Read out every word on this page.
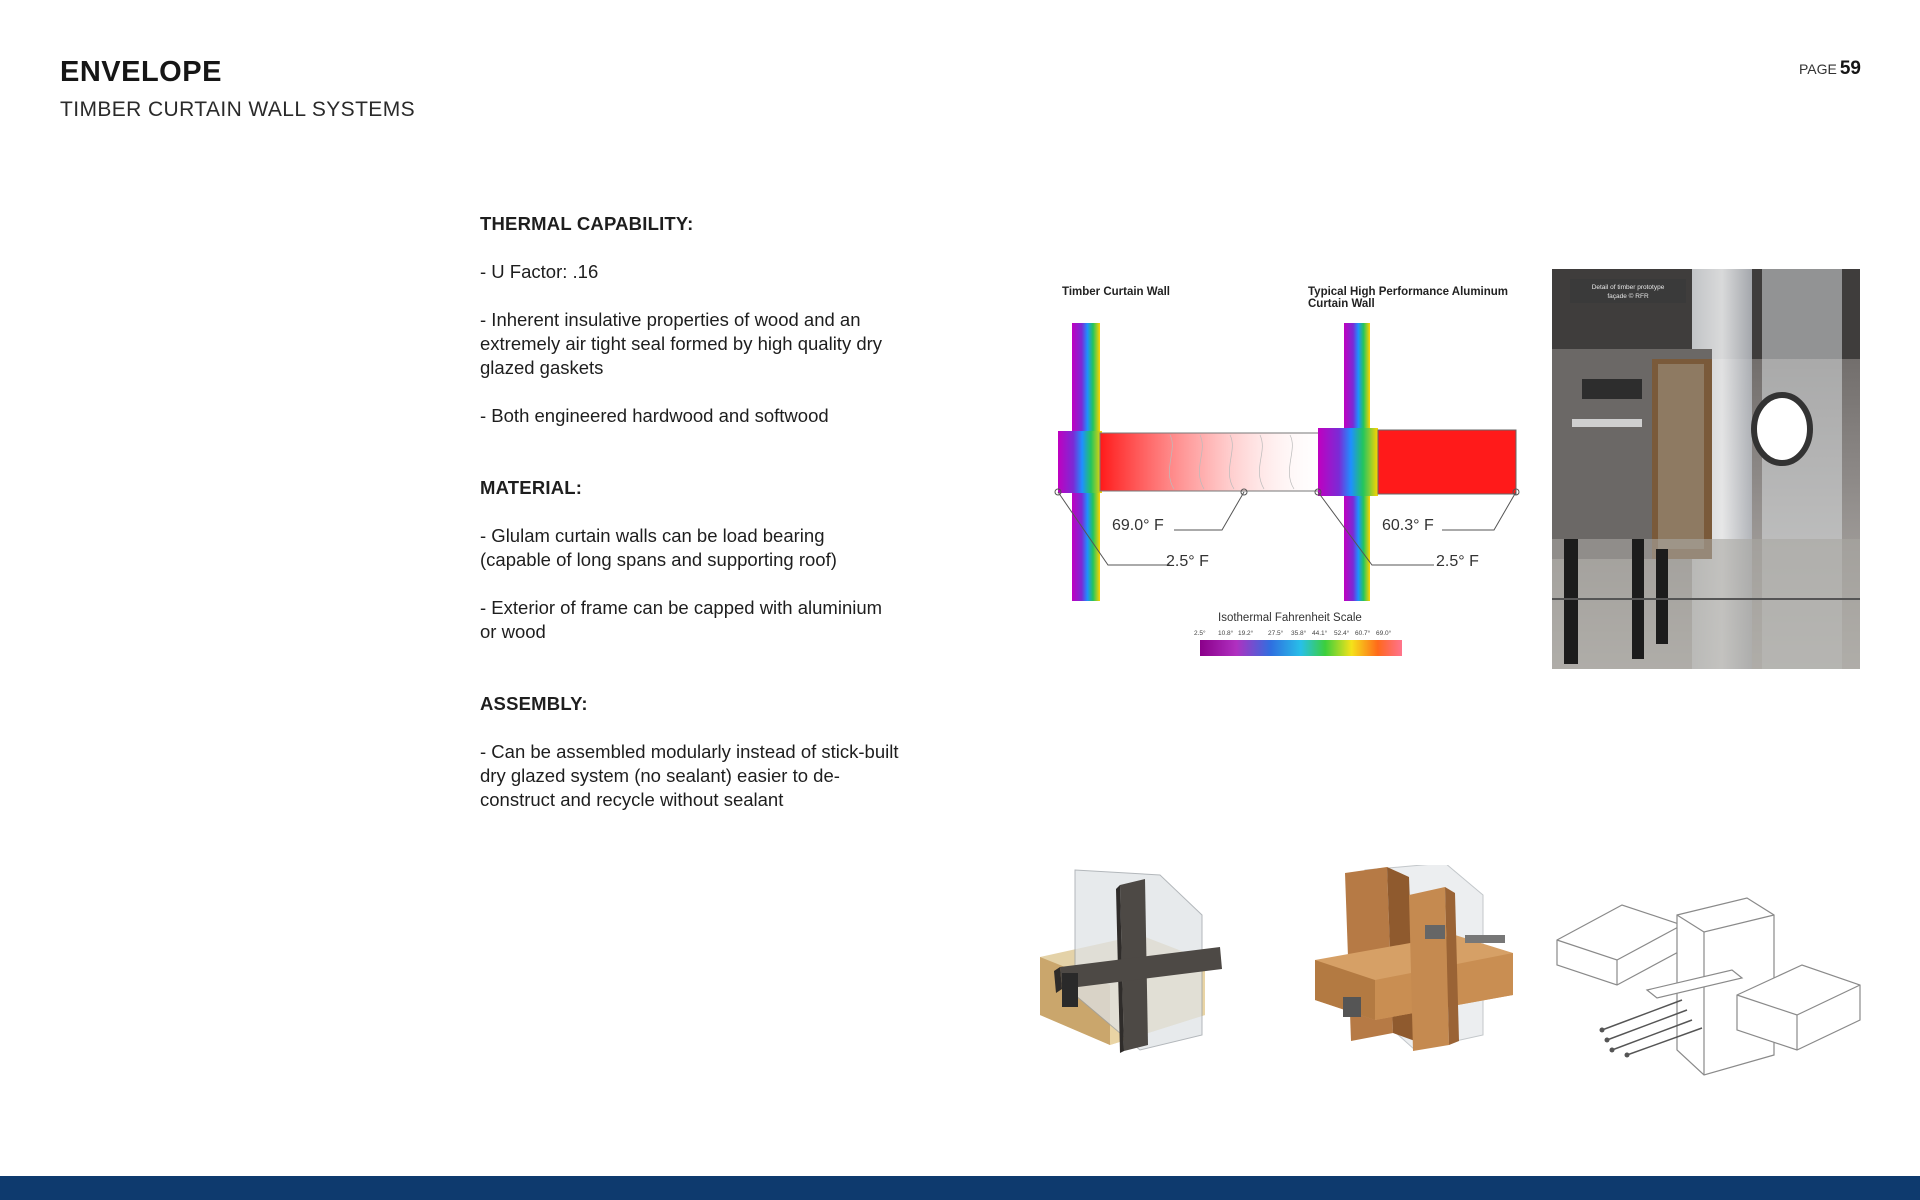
ENVELOPE
TIMBER CURTAIN WALL SYSTEMS
PAGE 59
THERMAL CAPABILITY:

- U Factor: .16

- Inherent insulative properties of wood and an extremely air tight seal formed by high quality dry glazed gaskets

- Both engineered hardwood and softwood

MATERIAL:

- Glulam curtain walls can be load bearing (capable of long spans and supporting roof)

- Exterior of frame can be capped with aluminium or wood

ASSEMBLY:

- Can be assembled modularly instead of stick-built dry glazed system (no sealant) easier to de-construct and recycle without sealant

Timber Curtain Wall
69.0° F
2.5° F
Typical High Performance Aluminum
Curtain Wall
60.3° F
2.5° F
Isothermal Fahrenheit Scale
2.5° 10.8° 19.2° 27.5° 35.8° 44.1° 52.4° 60.7° 69.0°
Detail of timber prototype
façade © RFR
